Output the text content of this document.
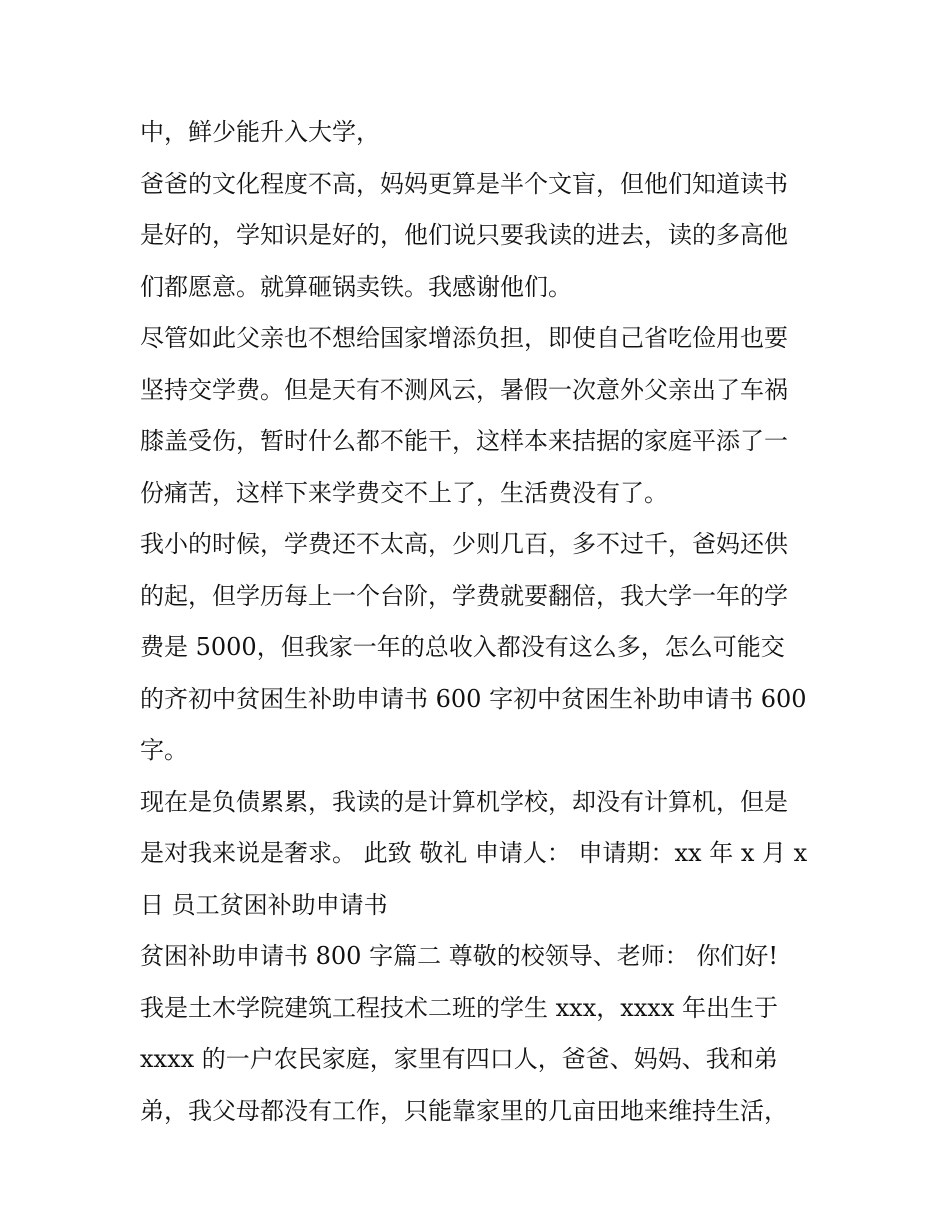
中，鲜少能升入大学，
爸爸的文化程度不高，妈妈更算是半个文盲，但他们知道读书
是好的，学知识是好的，他们说只要我读的进去，读的多高他
们都愿意。就算砸锅卖铁。我感谢他们。
尽管如此父亲也不想给国家增添负担，即使自己省吃俭用也要
坚持交学费。但是天有不测风云，暑假一次意外父亲出了车祸
膝盖受伤，暂时什么都不能干，这样本来拮据的家庭平添了一
份痛苦，这样下来学费交不上了，生活费没有了。
我小的时候，学费还不太高，少则几百，多不过千，爸妈还供
的起，但学历每上一个台阶，学费就要翻倍，我大学一年的学
费是 5000，但我家一年的总收入都没有这么多，怎么可能交
的齐初中贫困生补助申请书 600 字初中贫困生补助申请书 600
字。
现在是负债累累，我读的是计算机学校，却没有计算机，但是
是对我来说是奢求。 此致 敬礼 申请人： 申请期：xx 年 x 月 x
日 员工贫困补助申请书
贫困补助申请书 800 字篇二 尊敬的校领导、老师： 你们好!
我是土木学院建筑工程技术二班的学生 xxx，xxxx 年出生于
xxxx 的一户农民家庭，家里有四口人，爸爸、妈妈、我和弟
弟，我父母都没有工作，只能靠家里的几亩田地来维持生活，
